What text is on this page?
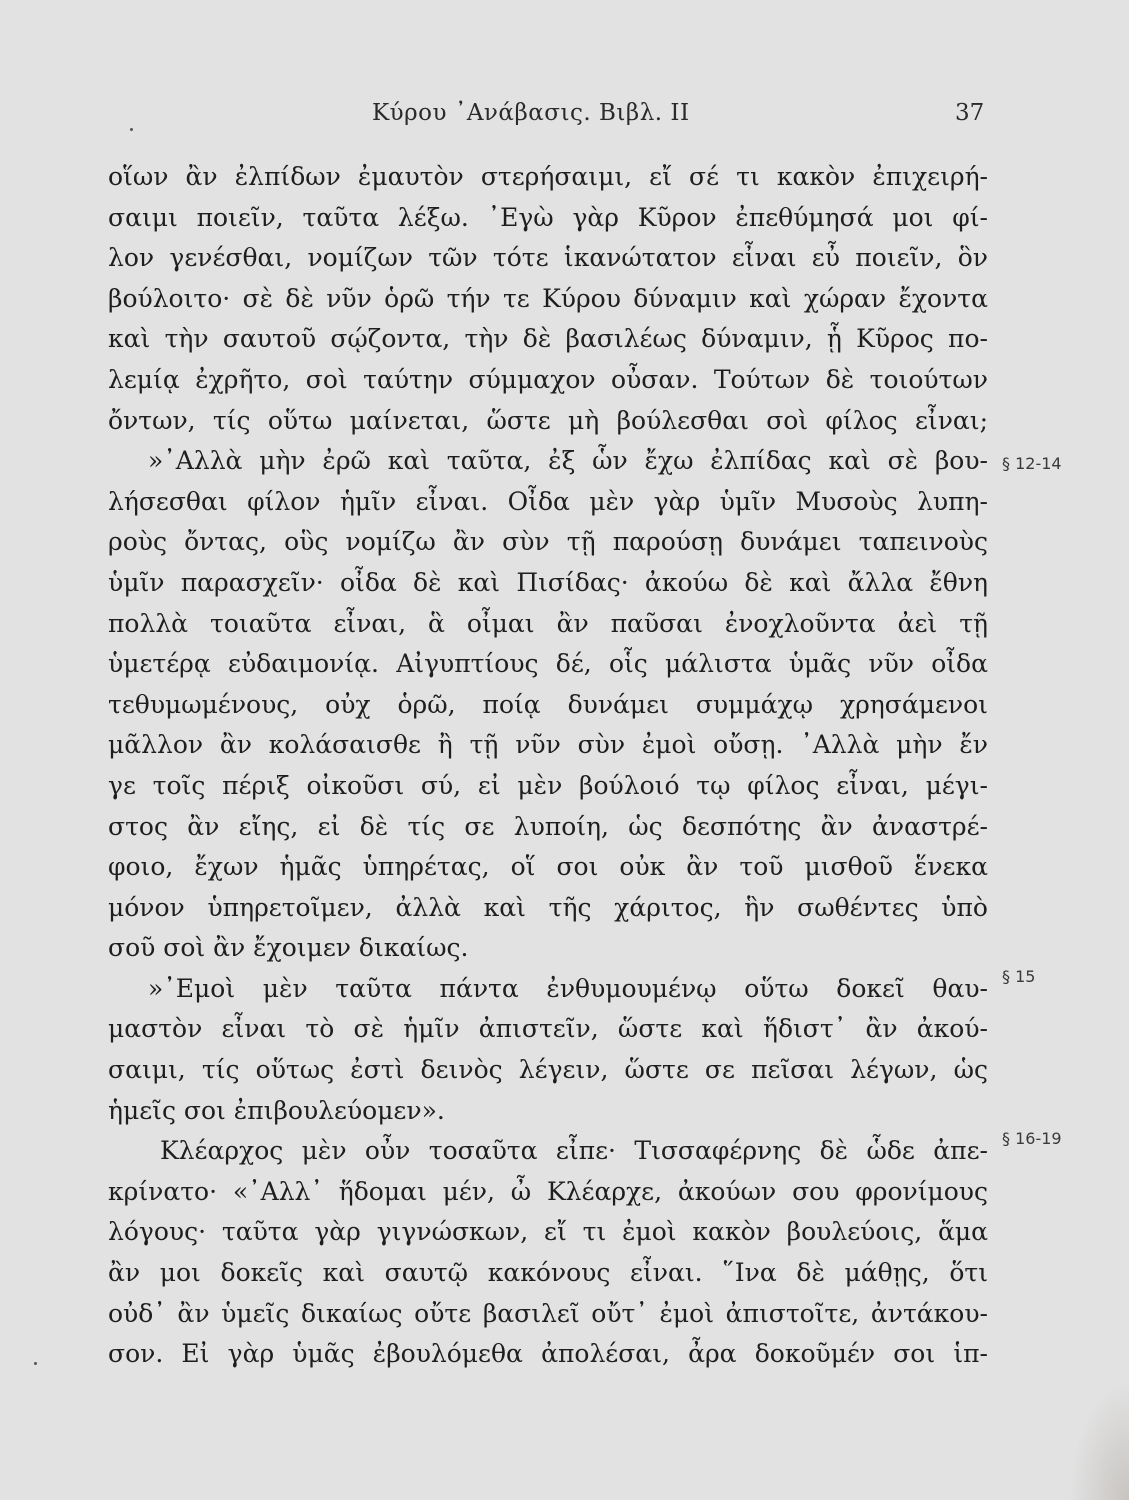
Κύρου ᾿Ανάβασις. Βιβλ. II	37
οἵων ἂν ἐλπίδων ἐμαυτὸν στερήσαιμι, εἴ σέ τι κακὸν ἐπιχειρή-
σαιμι ποιεῖν, ταῦτα λέξω. ᾿Εγὼ γὰρ Κῦρον ἐπεθύμησά μοι φί-
λον γενέσθαι, νομίζων τῶν τότε ἱκανώτατον εἶναι εὖ ποιεῖν, ὃν
βούλοιτο· σὲ δὲ νῦν ὁρῶ τήν τε Κύρου δύναμιν καὶ χώραν ἔχοντα
καὶ τὴν σαυτοῦ σῴζοντα, τὴν δὲ βασιλέως δύναμιν, ᾗ Κῦρος πο-
λεμίᾳ ἐχρῆτο, σοὶ ταύτην σύμμαχον οὖσαν. Τούτων δὲ τοιούτων
ὄντων, τίς οὕτω μαίνεται, ὥστε μὴ βούλεσθαι σοὶ φίλος εἶναι;
»᾿Αλλὰ μὴν ἐρῶ καὶ ταῦτα, ἐξ ὧν ἔχω ἐλπίδας καὶ σὲ βου-
λήσεσθαι φίλον ἡμῖν εἶναι. Οἶδα μὲν γὰρ ὑμῖν Μυσοὺς λυπη-
ροὺς ὄντας, οὓς νομίζω ἂν σὺν τῇ παρούσῃ δυνάμει ταπεινοὺς
ὑμῖν παρασχεῖν· οἶδα δὲ καὶ Πισίδας· ἀκούω δὲ καὶ ἄλλα ἔθνη
πολλὰ τοιαῦτα εἶναι, ἃ οἶμαι ἂν παῦσαι ἐνοχλοῦντα ἀεὶ τῇ
ὑμετέρᾳ εὐδαιμονίᾳ. Αἰγυπτίους δέ, οἷς μάλιστα ὑμᾶς νῦν οἶδα
τεθυμωμένους, οὐχ ὁρῶ, ποίᾳ δυνάμει συμμάχῳ χρησάμενοι
μᾶλλον ἂν κολάσαισθε ἢ τῇ νῦν σὺν ἐμοὶ οὔσῃ. ᾿Αλλὰ μὴν ἔν
γε τοῖς πέριξ οἰκοῦσι σύ, εἰ μὲν βούλοιό τῳ φίλος εἶναι, μέγι-
στος ἂν εἴης, εἰ δὲ τίς σε λυποίη, ὡς δεσπότης ἂν ἀναστρέ-
φοιο, ἔχων ἡμᾶς ὑπηρέτας, οἵ σοι οὐκ ἂν τοῦ μισθοῦ ἕνεκα
μόνον ὑπηρετοῖμεν, ἀλλὰ καὶ τῆς χάριτος, ἣν σωθέντες ὑπὸ
σοῦ σοὶ ἂν ἔχοιμεν δικαίως.
»᾿Εμοὶ μὲν ταῦτα πάντα ἐνθυμουμένῳ οὕτω δοκεῖ θαυ-
μαστὸν εἶναι τὸ σὲ ἡμῖν ἀπιστεῖν, ὥστε καὶ ἥδιστ᾿ ἂν ἀκού-
σαιμι, τίς οὕτως ἐστὶ δεινὸς λέγειν, ὥστε σε πεῖσαι λέγων, ὡς
ἡμεῖς σοι ἐπιβουλεύομεν».
Κλέαρχος μὲν οὖν τοσαῦτα εἶπε· Τισσαφέρνης δὲ ὧδε ἀπε-
κρίνατο· «᾿Αλλ᾿ ἥδομαι μέν, ὦ Κλέαρχε, ἀκούων σου φρονίμους
λόγους· ταῦτα γὰρ γιγνώσκων, εἴ τι ἐμοὶ κακὸν βουλεύοις, ἅμα
ἂν μοι δοκεῖς καὶ σαυτῷ κακόνους εἶναι. ῞Ινα δὲ μάθῃς, ὅτι
οὐδ᾿ ἂν ὑμεῖς δικαίως οὔτε βασιλεῖ οὔτ᾿ ἐμοὶ ἀπιστοῖτε, ἀντάκου-
σον. Εἰ γὰρ ὑμᾶς ἐβουλόμεθα ἀπολέσαι, ἆρα δοκοῦμέν σοι ἱπ-
§ 12-14
§ 15
§ 16-19
